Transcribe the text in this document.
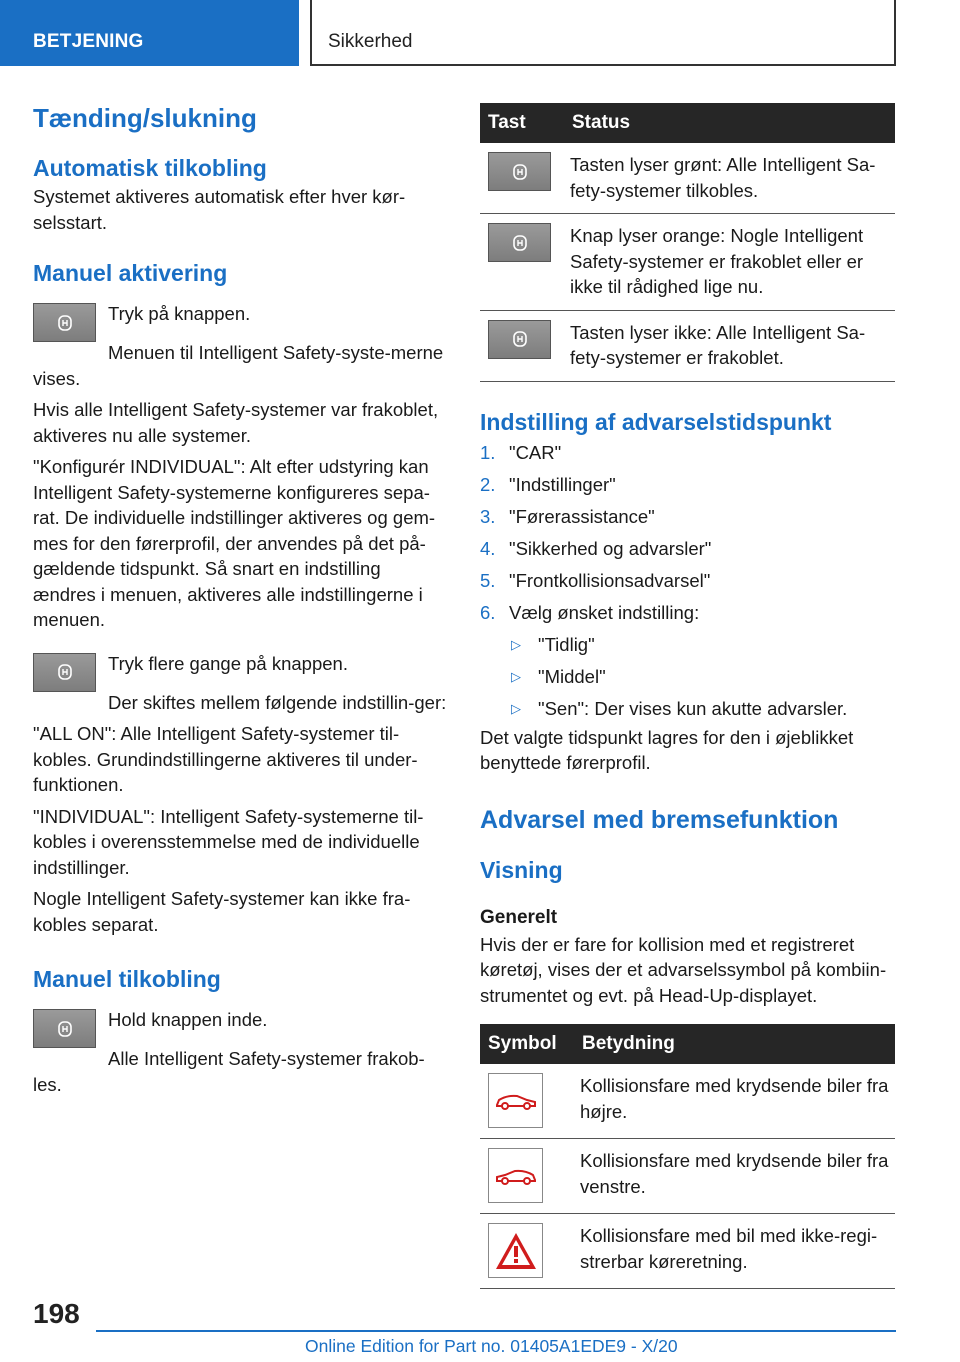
BETJENING	Sikkerhed
Tænding/slukning
Automatisk tilkobling

Systemet aktiveres automatisk efter hver kør-selsstart.

Manuel aktivering

Tryk på knappen.

Menuen til Intelligent Safety-syste-merne vises.

Hvis alle Intelligent Safety-systemer var frakoblet, aktiveres nu alle systemer.

"Konfigurér INDIVIDUAL": Alt efter udstyring kan Intelligent Safety-systemerne konfigureres sepa-rat. De individuelle indstillinger aktiveres og gem-mes for den førerprofil, der anvendes på det på-gældende tidspunkt. Så snart en indstilling ændres i menuen, aktiveres alle indstillingerne i menuen.

Tryk flere gange på knappen.

Der skiftes mellem følgende indstillin-ger:

"ALL ON": Alle Intelligent Safety-systemer til-kobles. Grundindstillingerne aktiveres til under-funktionen.

"INDIVIDUAL": Intelligent Safety-systemerne til-kobles i overensstemmelse med de individuelle indstillinger.

Nogle Intelligent Safety-systemer kan ikke fra-kobles separat.

Manuel tilkobling

Hold knappen inde.

Alle Intelligent Safety-systemer frakob-les.

Tast	Status

	Tasten lyser grønt: Alle Intelligent Sa-fety-systemer tilkobles.

	Knap lyser orange: Nogle Intelligent Safety-systemer er frakoblet eller er ikke til rådighed lige nu.

	Tasten lyser ikke: Alle Intelligent Sa-fety-systemer er frakoblet.
Indstilling af advarselstidspunkt
1. "CAR"
2. "Indstillinger"
3. "Førerassistance"
4. "Sikkerhed og advarsler"
5. "Frontkollisionsadvarsel"
6. Vælg ønsket indstilling:
▷ "Tidlig"
▷ "Middel"
▷ "Sen": Der vises kun akutte advarsler.

Det valgte tidspunkt lagres for den i øjeblikket benyttede førerprofil.

Advarsel med bremsefunktion
Visning
Generelt

Hvis der er fare for kollision med et registreret køretøj, vises der et advarselssymbol på kombiin-strumentet og evt. på Head-Up-displayet.

Symbol	Betydning

	Kollisionsfare med krydsende biler fra højre.

	Kollisionsfare med krydsende biler fra venstre.

	Kollisionsfare med bil med ikke-regi-strerbar køreretning.
198
Online Edition for Part no. 01405A1EDE9 - X/20
